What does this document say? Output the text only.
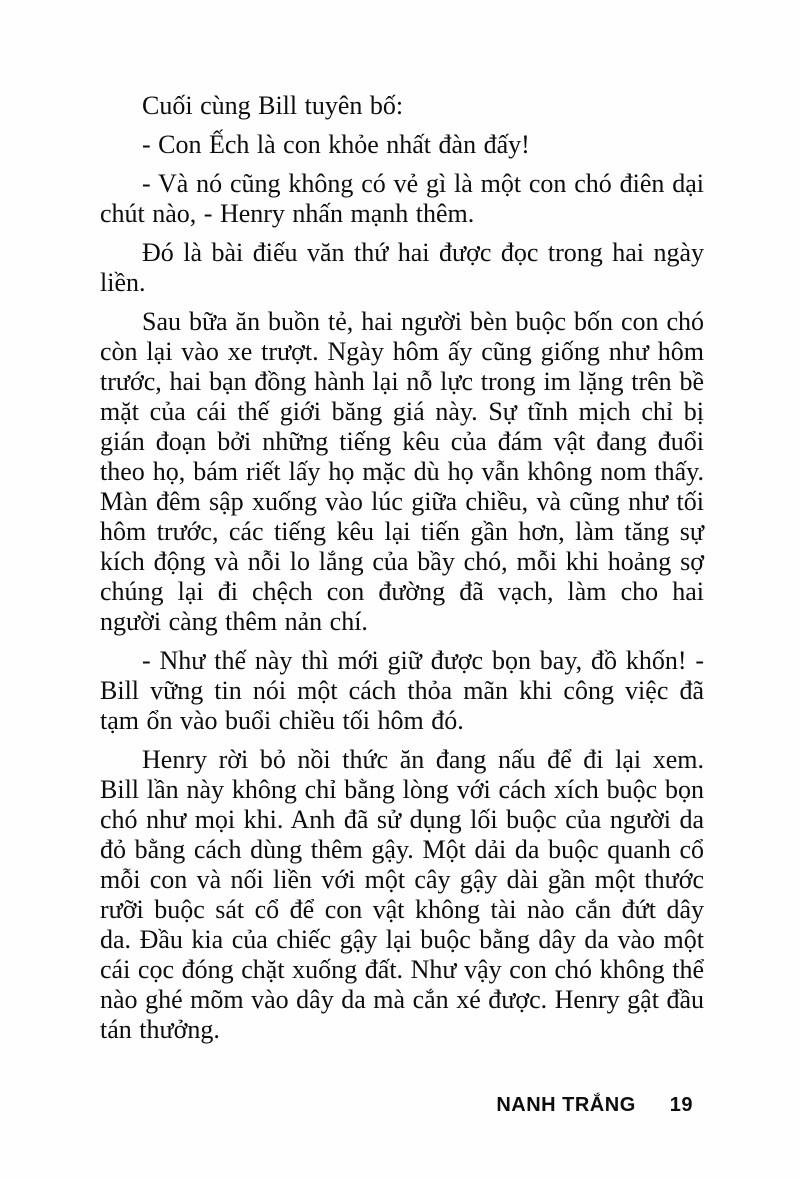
Cuối cùng Bill tuyên bố:

- Con Ếch là con khỏe nhất đàn đấy!

- Và nó cũng không có vẻ gì là một con chó điên dại chút nào, - Henry nhấn mạnh thêm.

Đó là bài điếu văn thứ hai được đọc trong hai ngày liền.

Sau bữa ăn buồn tẻ, hai người bèn buộc bốn con chó còn lại vào xe trượt. Ngày hôm ấy cũng giống như hôm trước, hai bạn đồng hành lại nỗ lực trong im lặng trên bề mặt của cái thế giới băng giá này. Sự tĩnh mịch chỉ bị gián đoạn bởi những tiếng kêu của đám vật đang đuổi theo họ, bám riết lấy họ mặc dù họ vẫn không nom thấy. Màn đêm sập xuống vào lúc giữa chiều, và cũng như tối hôm trước, các tiếng kêu lại tiến gần hơn, làm tăng sự kích động và nỗi lo lắng của bầy chó, mỗi khi hoảng sợ chúng lại đi chệch con đường đã vạch, làm cho hai người càng thêm nản chí.

- Như thế này thì mới giữ được bọn bay, đồ khốn! - Bill vững tin nói một cách thỏa mãn khi công việc đã tạm ổn vào buổi chiều tối hôm đó.

Henry rời bỏ nồi thức ăn đang nấu để đi lại xem. Bill lần này không chỉ bằng lòng với cách xích buộc bọn chó như mọi khi. Anh đã sử dụng lối buộc của người da đỏ bằng cách dùng thêm gậy. Một dải da buộc quanh cổ mỗi con và nối liền với một cây gậy dài gần một thước rưỡi buộc sát cổ để con vật không tài nào cắn đứt dây da. Đầu kia của chiếc gậy lại buộc bằng dây da vào một cái cọc đóng chặt xuống đất. Như vậy con chó không thể nào ghé mõm vào dây da mà cắn xé được. Henry gật đầu tán thưởng.

NANH TRẮNG 19
